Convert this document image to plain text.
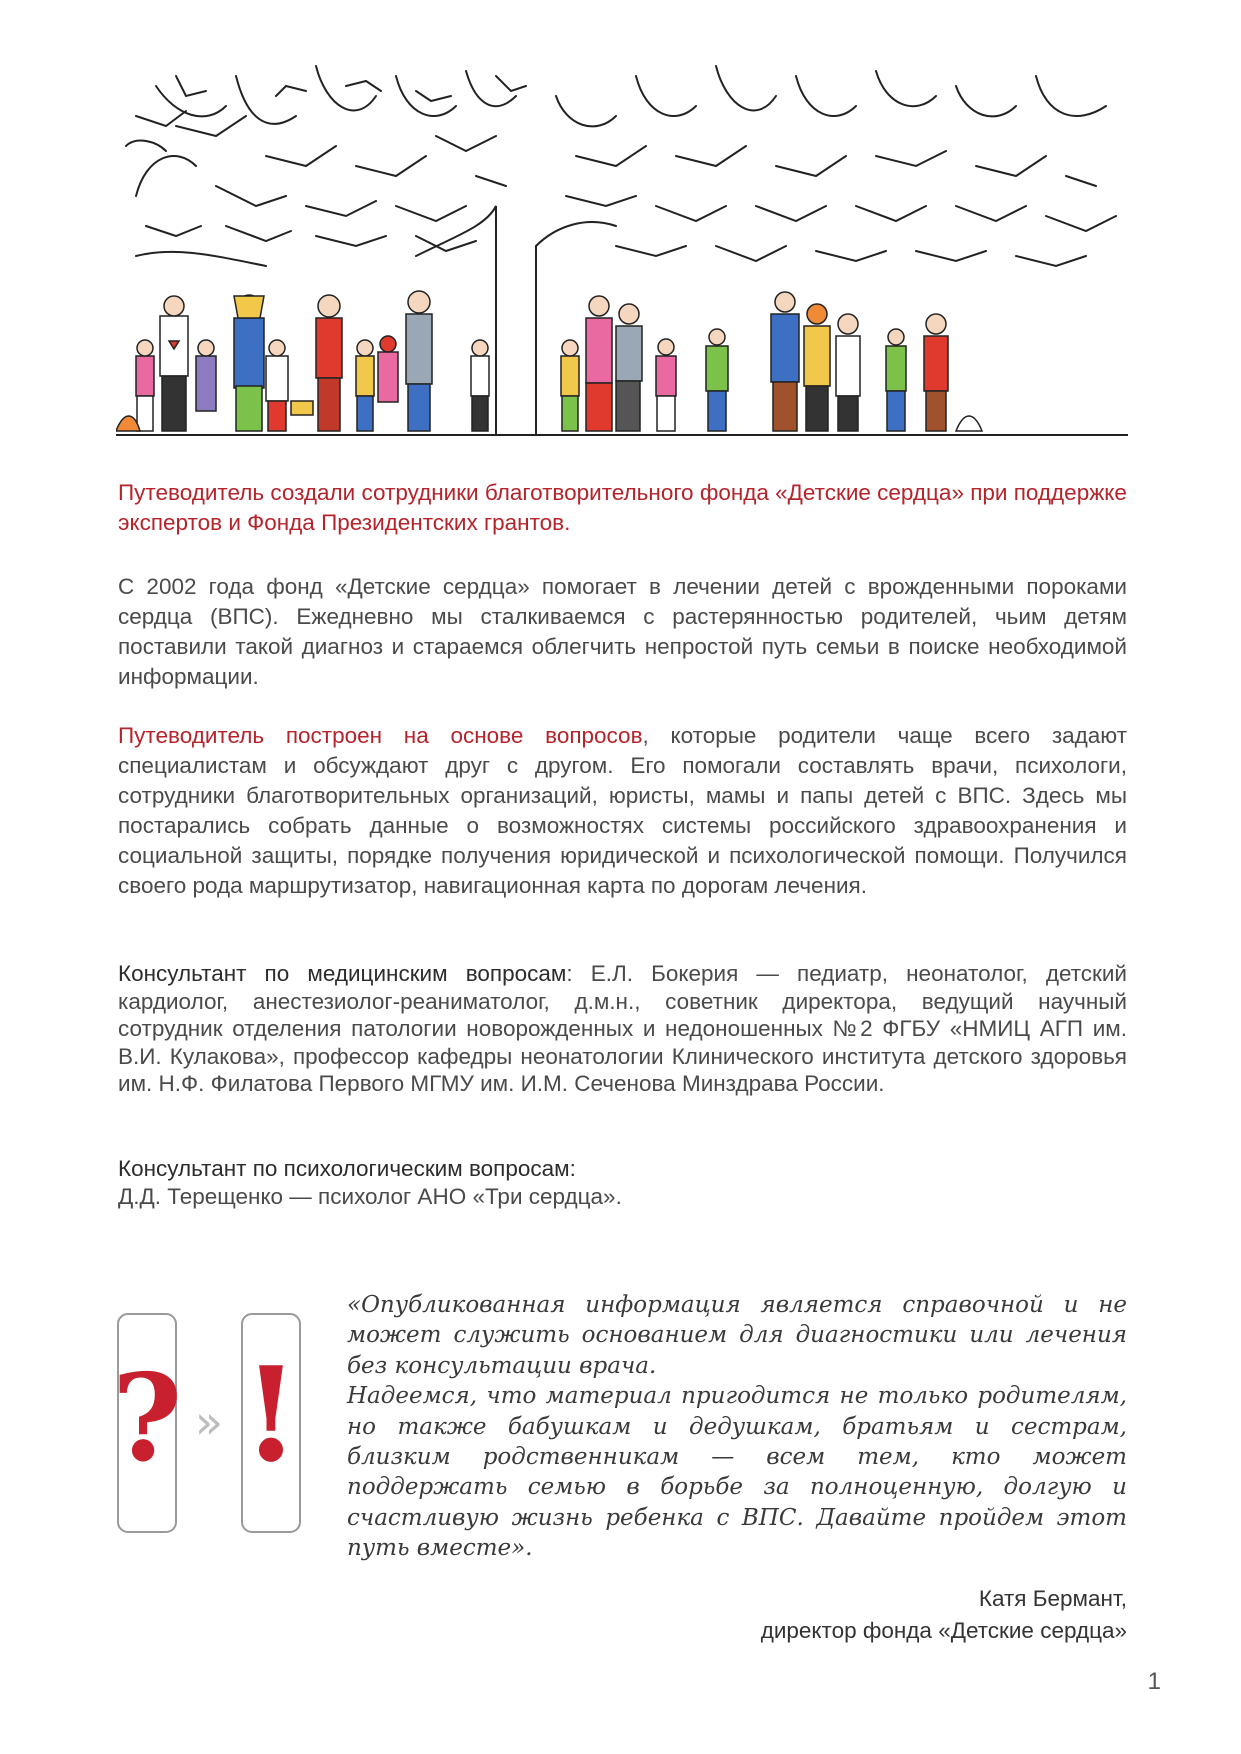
Путеводитель создали сотрудники благотворительного фонда «Детские сердца» при поддержке экспертов и Фонда Президентских грантов.

С 2002 года фонд «Детские сердца» помогает в лечении детей с врожденными пороками сердца (ВПС). Ежедневно мы сталкиваемся с растерянностью родителей, чьим детям поставили такой диагноз и стараемся облегчить непростой путь семьи в поиске необходимой информации.

Путеводитель построен на основе вопросов, которые родители чаще всего задают специалистам и обсуждают друг с другом. Его помогали составлять врачи, психологи, сотрудники благотворительных организаций, юристы, мамы и папы детей с ВПС. Здесь мы постарались собрать данные о возможностях системы российского здравоохранения и социальной защиты, порядке получения юридической и психологической помощи. Получился своего рода маршрутизатор, навигационная карта по дорогам лечения.

Консультант по медицинским вопросам: Е.Л. Бокерия — педиатр, неонатолог, детский кардиолог, анестезиолог-реаниматолог, д.м.н., советник директора, ведущий научный сотрудник отделения патологии новорожденных и недоношенных №2 ФГБУ «НМИЦ АГП им. В.И. Кулакова», профессор кафедры неонатологии Клинического института детского здоровья им. Н.Ф. Филатова Первого МГМУ им. И.М. Сеченова Минздрава России.

Консультант по психологическим вопросам:
Д.Д. Терещенко — психолог АНО «Три сердца».

? » !
«Опубликованная информация является справочной и не может служить основанием для диагностики или лечения без консультации врача.
Надеемся, что материал пригодится не только родителям, но также бабушкам и дедушкам, братьям и сестрам, близким родственникам — всем тем, кто может поддержать семью в борьбе за полноценную, долгую и счастливую жизнь ребенка с ВПС. Давайте пройдем этот путь вместе».
Катя Бермант,
директор фонда «Детские сердца»
1
